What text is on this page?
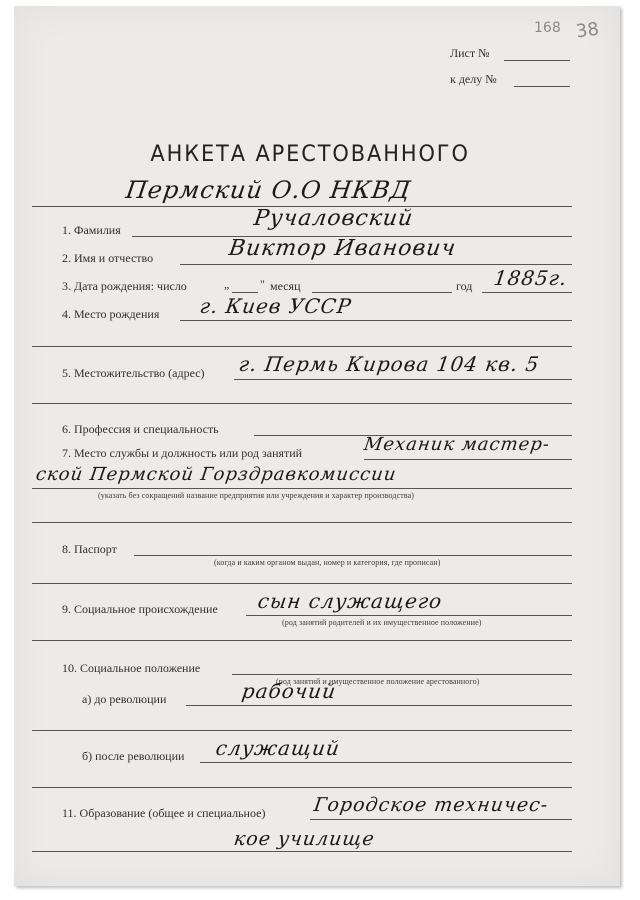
Лист №
168 38
к делу №
АНКЕТА АРЕСТОВАННОГО
Пермский О.О НКВД
1. Фамилия	Ручаловский
2. Имя и отчество	Виктор Иванович
3. Дата рождения: число	„	" месяц	год 1885г.
4. Место рождения г. Киев УССР
5. Местожительство (адрес) г. Пермь Кирова 104 кв. 5
6. Профессия и специальность
7. Место службы и должность или род занятий	Механик мастер-
ской Пермской Горздравкомиссии
(указать без сокращений название предприятия или учреждения и характер производства)
8. Паспорт
(когда и каким органом выдан, номер и категория, где прописан)
9. Социальное происхождение сын служащего
(род занятий родителей и их имущественное положение)
10. Социальное положение
(род занятий и имущественное положение арестованного)
а) до революции	рабочий
б) после революции служащий
11. Образование (общее и специальное) Городское техничес-
кое училище
